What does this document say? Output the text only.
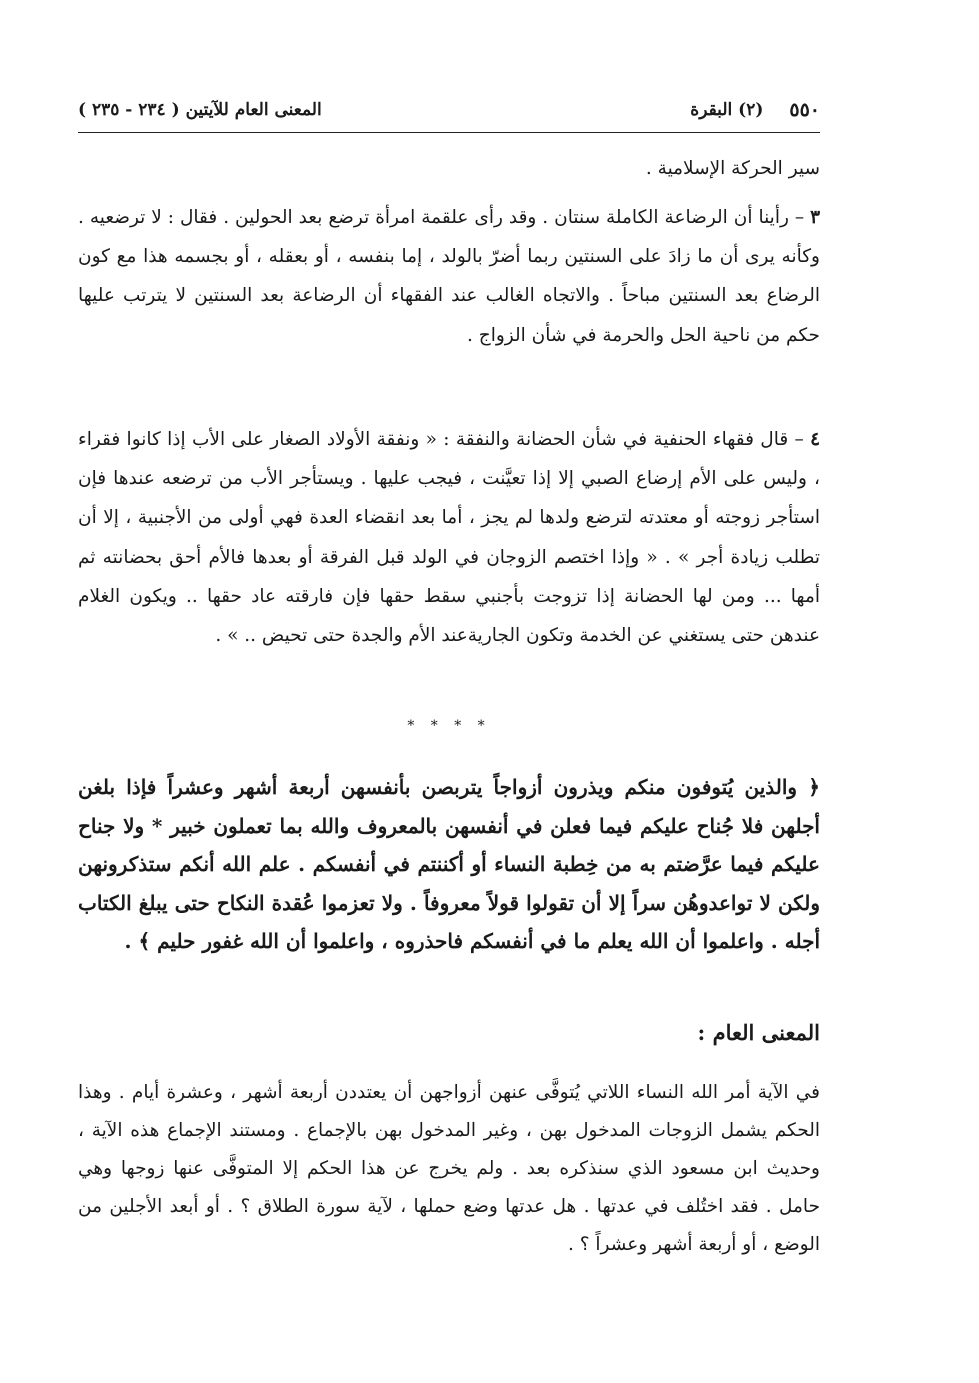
٥٥٠
(٢) البقرة
المعنى العام للآيتين ( ٢٣٤ - ٢٣٥ )
سير الحركة الإسلامية .

٣ – رأينا أن الرضاعة الكاملة سنتان . وقد رأى علقمة امرأة ترضع بعد الحولين . فقال : لا ترضعيه . وكأنه يرى أن ما زادَ على السنتين ربما أضرّ بالولد ، إما بنفسه ، أو بعقله ، أو بجسمه هذا مع كون الرضاع بعد السنتين مباحاً . والاتجاه الغالب عند الفقهاء أن الرضاعة بعد السنتين لا يترتب عليها حكم من ناحية الحل والحرمة في شأن الزواج .

٤ – قال فقهاء الحنفية في شأن الحضانة والنفقة : « ونفقة الأولاد الصغار على الأب إذا كانوا فقراء ، وليس على الأم إرضاع الصبي إلا إذا تعيَّنت ، فيجب عليها . ويستأجر الأب من ترضعه عندها فإن استأجر زوجته أو معتدته لترضع ولدها لم يجز ، أما بعد انقضاء العدة فهي أولى من الأجنبية ، إلا أن تطلب زيادة أجر » . « وإذا اختصم الزوجان في الولد قبل الفرقة أو بعدها فالأم أحق بحضانته ثم أمها ... ومن لها الحضانة إذا تزوجت بأجنبي سقط حقها فإن فارقته عاد حقها .. ويكون الغلام عندهن حتى يستغني عن الخدمة وتكون الجاريةعند الأم والجدة حتى تحيض .. » .

* * * *

﴿ والذين يُتوفون منكم ويذرون أزواجاً يتربصن بأنفسهن أربعة أشهر وعشراً فإذا بلغن أجلهن فلا جُناح عليكم فيما فعلن في أنفسهن بالمعروف والله بما تعملون خبير * ولا جناح عليكم فيما عرَّضتم به من خِطبة النساء أو أكننتم في أنفسكم . علم الله أنكم ستذكرونهن ولكن لا تواعدوهُن سراً إلا أن تقولوا قولاً معروفاً . ولا تعزموا عُقدة النكاح حتى يبلغ الكتاب أجله . واعلموا أن الله يعلم ما في أنفسكم فاحذروه ، واعلموا أن الله غفور حليم ﴾ .

المعنى العام :

في الآية أمر الله النساء اللاتي يُتوفَّى عنهن أزواجهن أن يعتددن أربعة أشهر ، وعشرة أيام . وهذا الحكم يشمل الزوجات المدخول بهن ، وغير المدخول بهن بالإجماع . ومستند الإجماع هذه الآية ، وحديث ابن مسعود الذي سنذكره بعد . ولم يخرج عن هذا الحكم إلا المتوفَّى عنها زوجها وهي حامل . فقد اختُلف في عدتها . هل عدتها وضع حملها ، لآية سورة الطلاق ؟ . أو أبعد الأجلين من الوضع ، أو أربعة أشهر وعشراً ؟ .
